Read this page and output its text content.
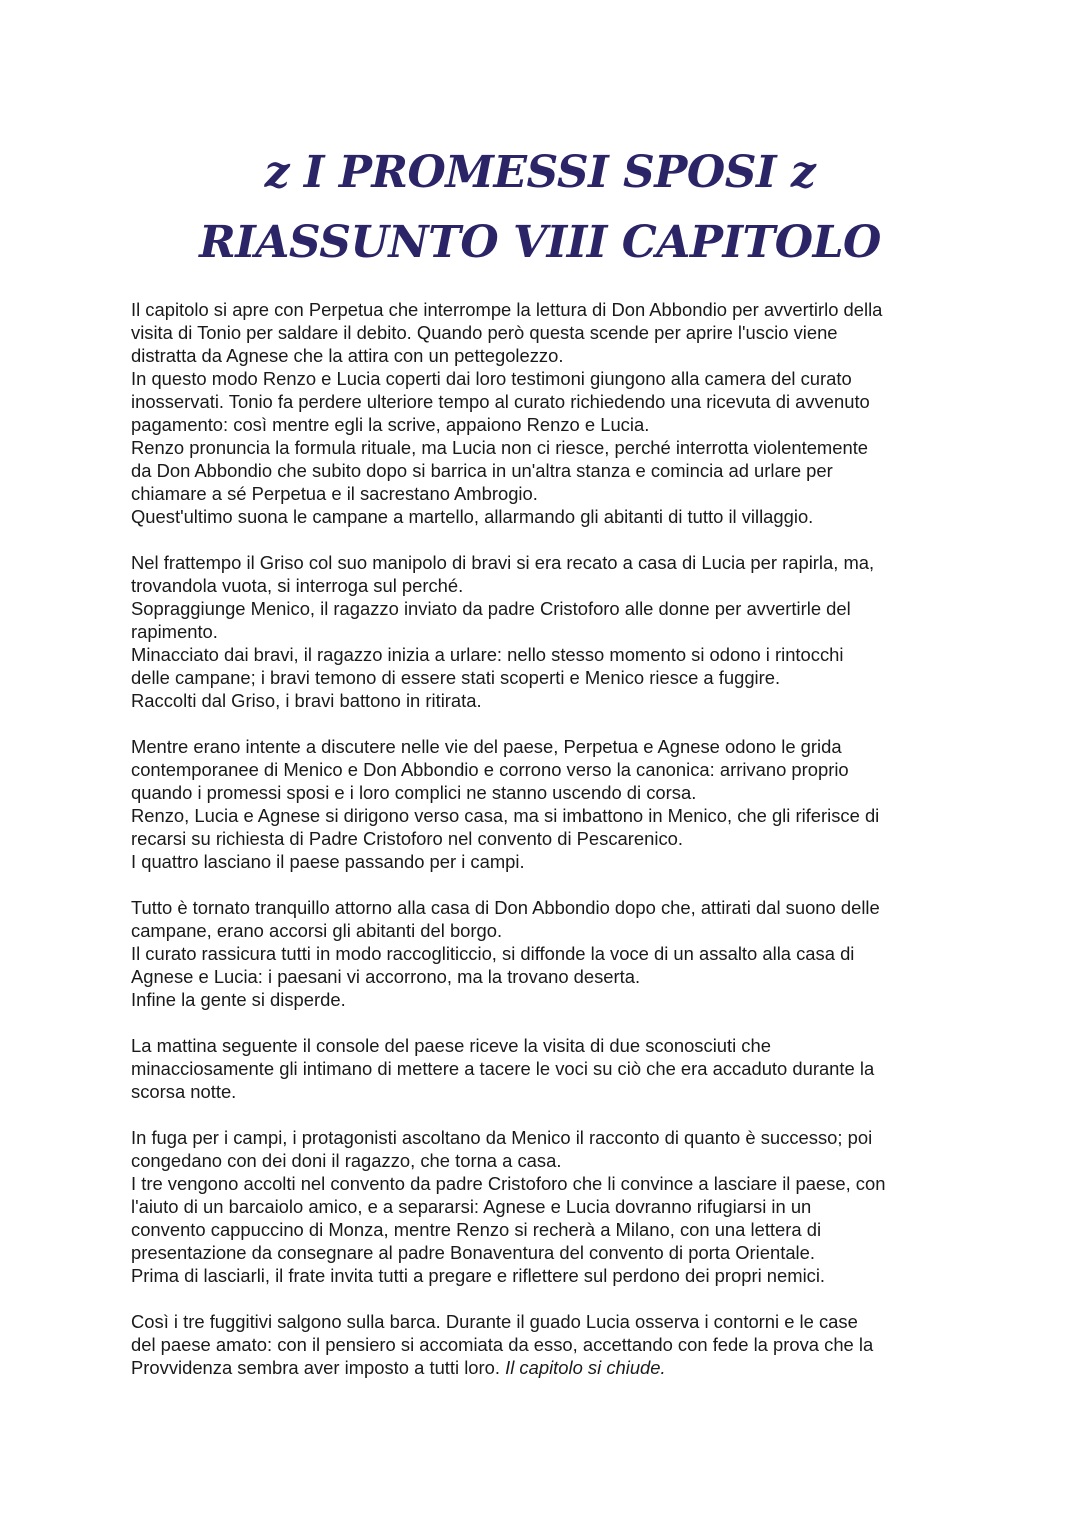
z I PROMESSI SPOSI z
RIASSUNTO VIII CAPITOLO
Il capitolo si apre con Perpetua che interrompe la lettura di Don Abbondio per avvertirlo della
visita di Tonio per saldare il debito. Quando però questa scende per aprire l'uscio viene
distratta da Agnese che la attira con un pettegolezzo.
In questo modo Renzo e Lucia coperti dai loro testimoni giungono alla camera del curato
inosservati. Tonio fa perdere ulteriore tempo al curato richiedendo una ricevuta di avvenuto
pagamento: così mentre egli la scrive, appaiono Renzo e Lucia.
Renzo pronuncia la formula rituale, ma Lucia non ci riesce, perché interrotta violentemente
da Don Abbondio che subito dopo si barrica in un'altra stanza e comincia ad urlare per
chiamare a sé Perpetua e il sacrestano Ambrogio.
Quest'ultimo suona le campane a martello, allarmando gli abitanti di tutto il villaggio.
Nel frattempo il Griso col suo manipolo di bravi si era recato a casa di Lucia per rapirla, ma,
trovandola vuota, si interroga sul perché.
Sopraggiunge Menico, il ragazzo inviato da padre Cristoforo alle donne per avvertirle del
rapimento.
Minacciato dai bravi, il ragazzo inizia a urlare: nello stesso momento si odono i rintocchi
delle campane; i bravi temono di essere stati scoperti e Menico riesce a fuggire.
Raccolti dal Griso, i bravi battono in ritirata.
Mentre erano intente a discutere nelle vie del paese, Perpetua e Agnese odono le grida
contemporanee di Menico e Don Abbondio e corrono verso la canonica: arrivano proprio
quando i promessi sposi e i loro complici ne stanno uscendo di corsa.
Renzo, Lucia e Agnese si dirigono verso casa, ma si imbattono in Menico, che gli riferisce di
recarsi su richiesta di Padre Cristoforo nel convento di Pescarenico.
I quattro lasciano il paese passando per i campi.
Tutto è tornato tranquillo attorno alla casa di Don Abbondio dopo che, attirati dal suono delle
campane, erano accorsi gli abitanti del borgo.
Il curato rassicura tutti in modo raccogliticcio, si diffonde la voce di un assalto alla casa di
Agnese e Lucia: i paesani vi accorrono, ma la trovano deserta.
Infine la gente si disperde.
La mattina seguente il console del paese riceve la visita di due sconosciuti che
minacciosamente gli intimano di mettere a tacere le voci su ciò che era accaduto durante la
scorsa notte.
In fuga per i campi, i protagonisti ascoltano da Menico il racconto di quanto è successo; poi
congedano con dei doni il ragazzo, che torna a casa.
I tre vengono accolti nel convento da padre Cristoforo che li convince a lasciare il paese, con
l'aiuto di un barcaiolo amico, e a separarsi: Agnese e Lucia dovranno rifugiarsi in un
convento cappuccino di Monza, mentre Renzo si recherà a Milano, con una lettera di
presentazione da consegnare al padre Bonaventura del convento di porta Orientale.
Prima di lasciarli, il frate invita tutti a pregare e riflettere sul perdono dei propri nemici.
Così i tre fuggitivi salgono sulla barca. Durante il guado Lucia osserva i contorni e le case
del paese amato: con il pensiero si accomiata da esso, accettando con fede la prova che la
Provvidenza sembra aver imposto a tutti loro. Il capitolo si chiude.
